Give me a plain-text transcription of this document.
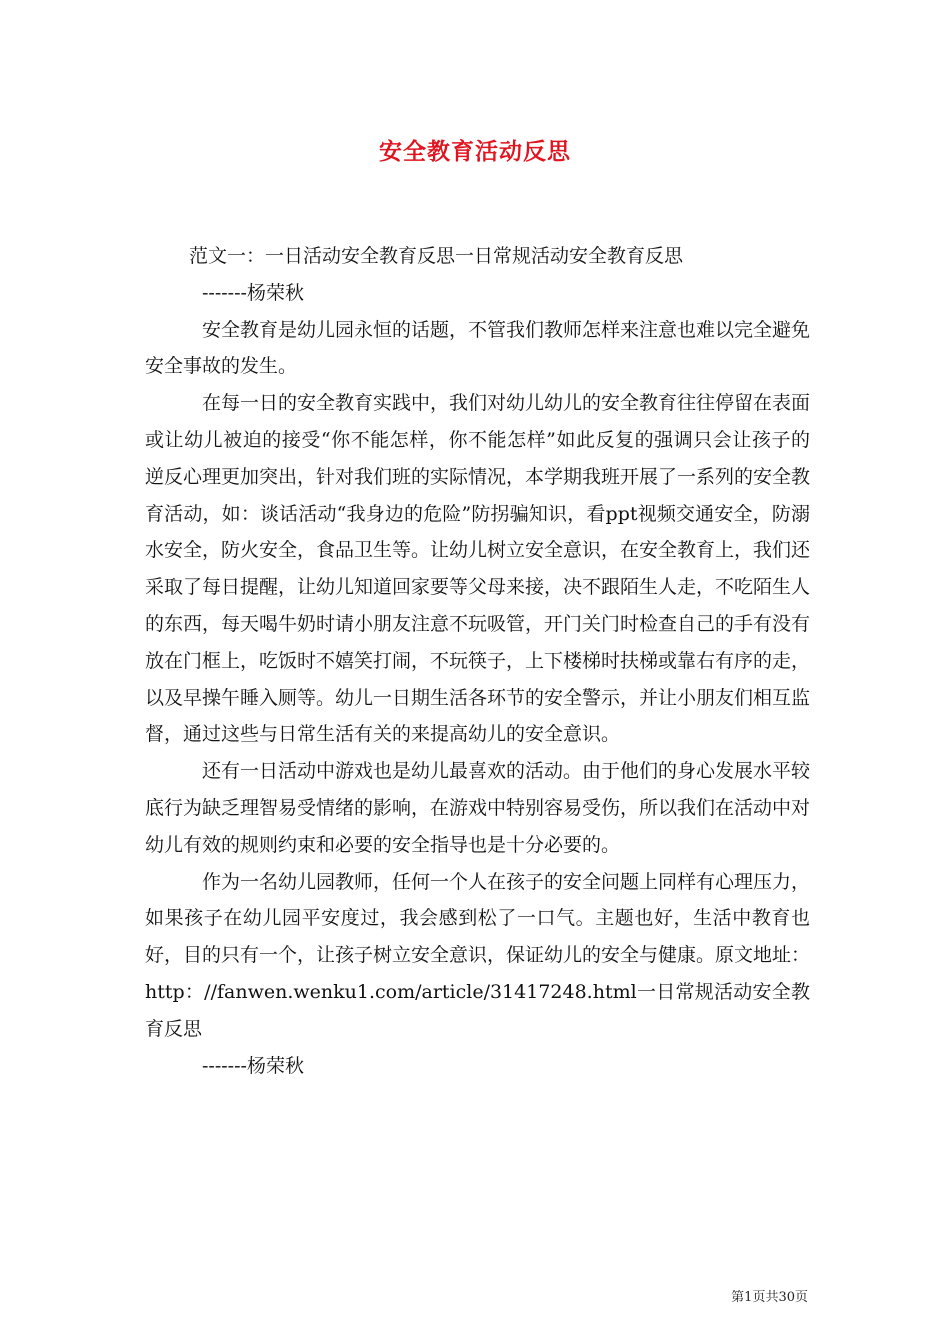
安全教育活动反思

范文一：一日活动安全教育反思一日常规活动安全教育反思

-------杨荣秋

安全教育是幼儿园永恒的话题，不管我们教师怎样来注意也难以完全避免安全事故的发生。

在每一日的安全教育实践中，我们对幼儿幼儿的安全教育往往停留在表面或让幼儿被迫的接受“你不能怎样，你不能怎样”如此反复的强调只会让孩子的逆反心理更加突出，针对我们班的实际情况，本学期我班开展了一系列的安全教育活动，如：谈话活动“我身边的危险”防拐骗知识，看ppt视频交通安全，防溺水安全，防火安全，食品卫生等。让幼儿树立安全意识，在安全教育上，我们还采取了每日提醒，让幼儿知道回家要等父母来接，决不跟陌生人走，不吃陌生人的东西，每天喝牛奶时请小朋友注意不玩吸管，开门关门时检查自己的手有没有放在门框上，吃饭时不嬉笑打闹，不玩筷子，上下楼梯时扶梯或靠右有序的走，以及早操午睡入厕等。幼儿一日期生活各环节的安全警示，并让小朋友们相互监督，通过这些与日常生活有关的来提高幼儿的安全意识。

还有一日活动中游戏也是幼儿最喜欢的活动。由于他们的身心发展水平较底行为缺乏理智易受情绪的影响，在游戏中特别容易受伤，所以我们在活动中对幼儿有效的规则约束和必要的安全指导也是十分必要的。

作为一名幼儿园教师，任何一个人在孩子的安全问题上同样有心理压力，如果孩子在幼儿园平安度过，我会感到松了一口气。主题也好，生活中教育也好，目的只有一个，让孩子树立安全意识，保证幼儿的安全与健康。原文地址：http：//fanwen.wenku1.com/article/31417248.html一日常规活动安全教育反思

-------杨荣秋

第1页共30页
